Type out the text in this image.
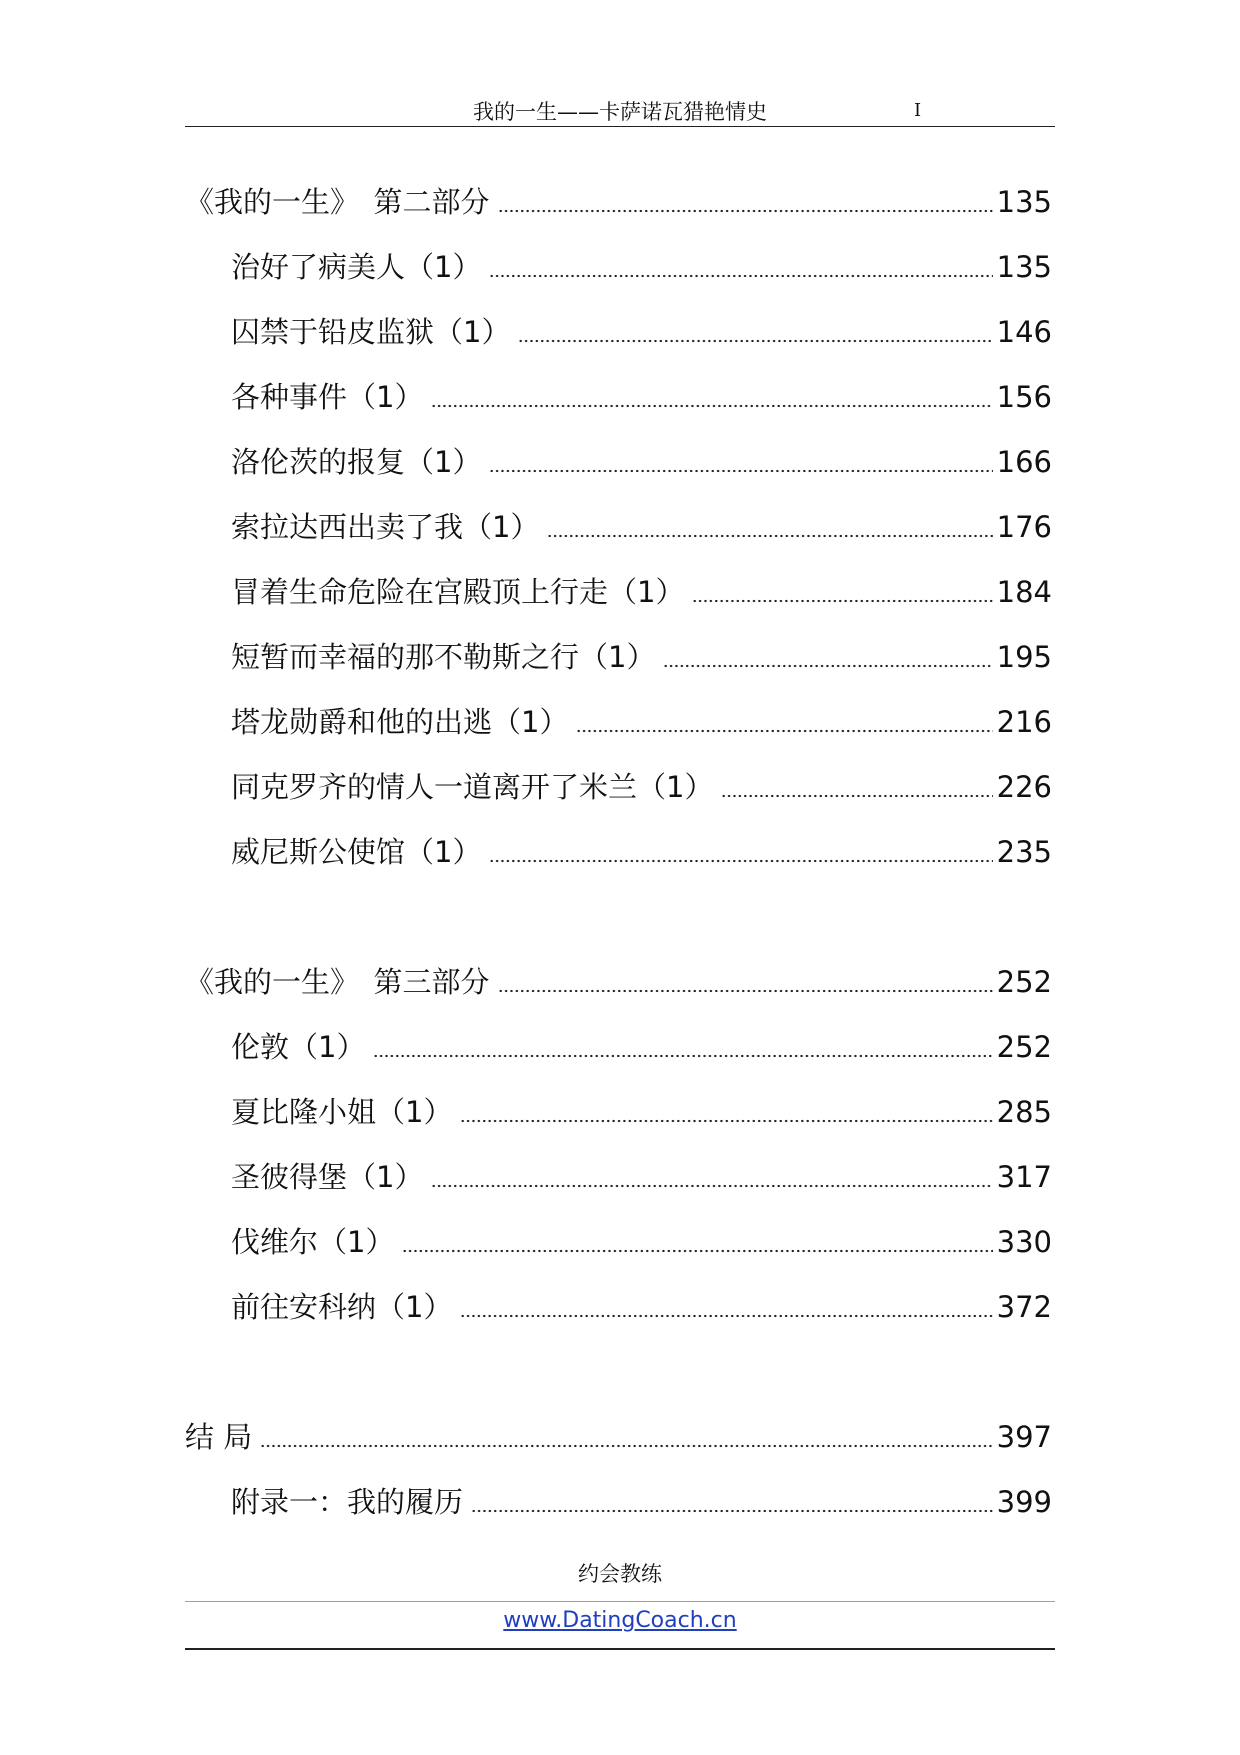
我的一生——卡萨诺瓦猎艳情史	I
《我的一生》　第二部分	135
治好了病美人（1）	135
囚禁于铅皮监狱（1）	146
各种事件（1）	156
洛伦茨的报复（1）	166
索拉达西出卖了我（1）	176
冒着生命危险在宫殿顶上行走（1）	184
短暂而幸福的那不勒斯之行（1）	195
塔龙勋爵和他的出逃（1）	216
同克罗齐的情人一道离开了米兰（1）	226
威尼斯公使馆（1）	235
《我的一生》　第三部分	252
伦敦（1）	252
夏比隆小姐（1）	285
圣彼得堡（1）	317
伐维尔（1）	330
前往安科纳（1）	372
结 局	397
附录一：我的履历	399
约会教练
www.DatingCoach.cn
